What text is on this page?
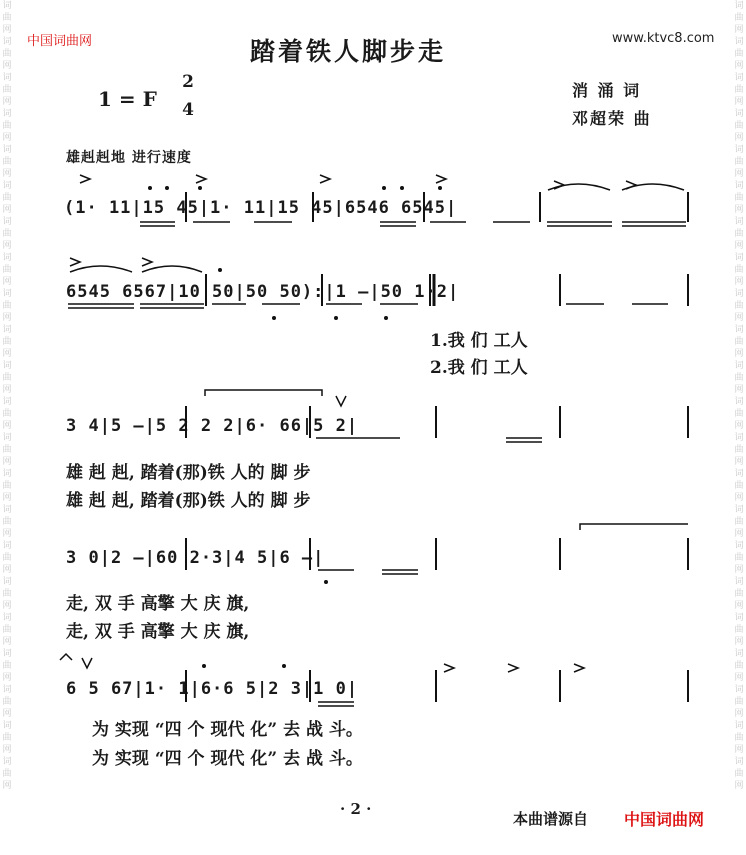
词
曲
网
词
曲
网
词
曲
网
词
曲
网
词
曲
网
词
曲
网
词
曲
网
词
曲
网
词
曲
网
词
曲
网
词
曲
网
词
曲
网
词
曲
网
词
曲
网
词
曲
网
词
曲
网
词
曲
网
词
曲
网
词
曲
网
词
曲
网
词
曲
网
词
曲
网
词
曲
网
词
曲
网
词
曲
网
词
曲
网
词
曲
网
词
曲
网
词
曲
网
词
曲
网
词
曲
网
词
曲
网
词
曲
网
词
曲
网
词
曲
网
词
曲
网
词
曲
网
词
曲
网
词
曲
网
词
曲
网
词
曲
网
词
曲
网
词
曲
网
词
曲
网
中国词曲网	www.ktvc8.com
踏着铁人脚步走
1 = F
2
4
消 涌 词
邓超荣 曲
雄赳赳地 进行速度
(1· 11|15 45|1· 11|15 45|6546 6545|
6545 6567|10 50|50 50):|1 —|50 1·2|
1.我 们 工人
2.我 们 工人
3 4|5 —|5 2 2 2|6· 66|5 2|
雄 赳 赳, 踏着(那)铁 人的 脚 步
雄 赳 赳, 踏着(那)铁 人的 脚 步
3 0|2 —|60 2·3|4 5|6 —|
走, 双 手 高擎 大 庆 旗,
走, 双 手 高擎 大 庆 旗,
6 5 67|1· 1|6·6 5|2 3|1 0|
为 实现 “四 个 现代 化” 去 战 斗。
为 实现 “四 个 现代 化” 去 战 斗。
· 2 ·
本曲谱源自 中国词曲网
